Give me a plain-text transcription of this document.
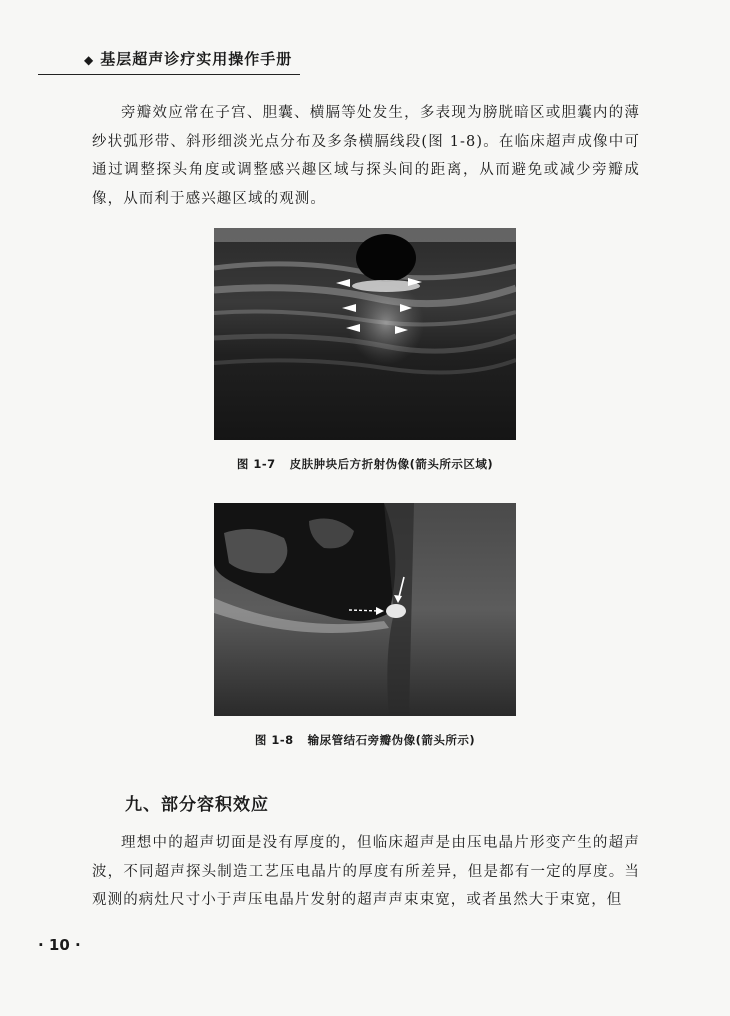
◆ 基层超声诊疗实用操作手册

旁瓣效应常在子宫、胆囊、横膈等处发生，多表现为膀胱暗区或胆囊内的薄纱状弧形带、斜形细淡光点分布及多条横膈线段(图 1-8)。在临床超声成像中可通过调整探头角度或调整感兴趣区域与探头间的距离，从而避免或减少旁瓣成像，从而利于感兴趣区域的观测。

图 1-7 皮肤肿块后方折射伪像(箭头所示区域)
图 1-8 输尿管结石旁瓣伪像(箭头所示)
九、部分容积效应

理想中的超声切面是没有厚度的，但临床超声是由压电晶片形变产生的超声波，不同超声探头制造工艺压电晶片的厚度有所差异，但是都有一定的厚度。当观测的病灶尺寸小于声压电晶片发射的超声声束束宽，或者虽然大于束宽，但

· 10 ·
